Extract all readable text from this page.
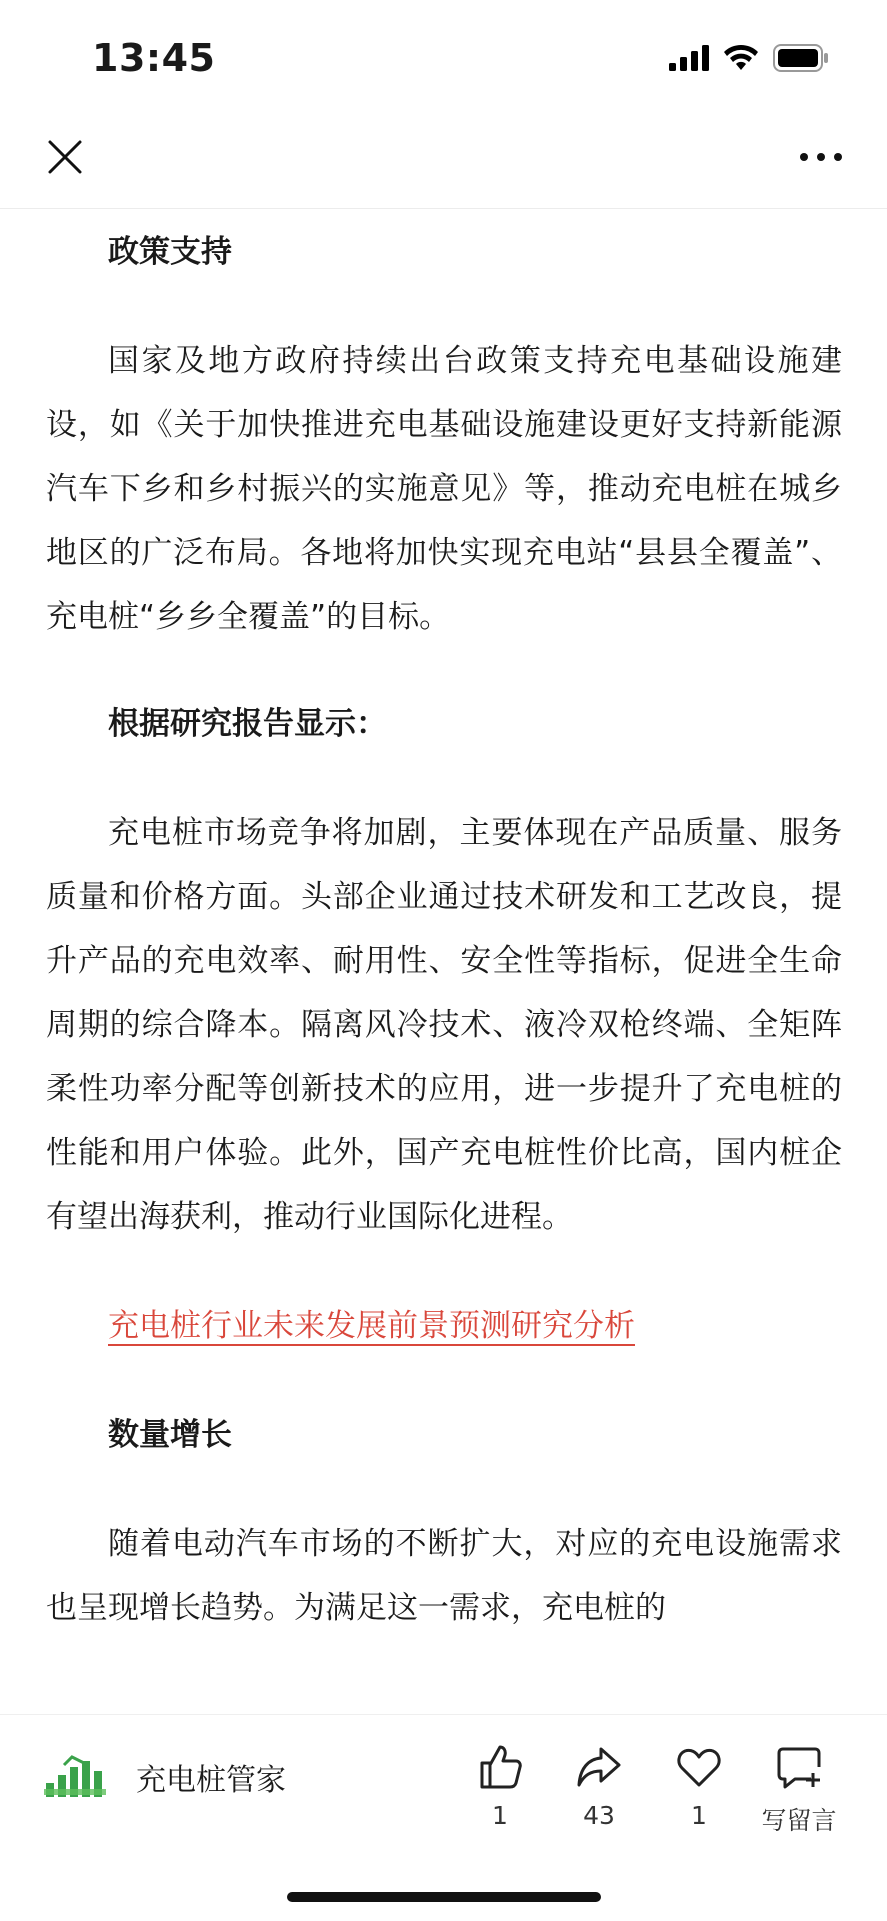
13:45

政策支持

国家及地方政府持续出台政策支持充电基础设施建设，如《关于加快推进充电基础设施建设更好支持新能源汽车下乡和乡村振兴的实施意见》等，推动充电桩在城乡地区的广泛布局。各地将加快实现充电站“县县全覆盖”、充电桩“乡乡全覆盖”的目标。

根据研究报告显示：

充电桩市场竞争将加剧，主要体现在产品质量、服务质量和价格方面。头部企业通过技术研发和工艺改良，提升产品的充电效率、耐用性、安全性等指标，促进全生命周期的综合降本。隔离风冷技术、液冷双枪终端、全矩阵柔性功率分配等创新技术的应用，进一步提升了充电桩的性能和用户体验。此外，国产充电桩性价比高，国内桩企有望出海获利，推动行业国际化进程。

充电桩行业未来发展前景预测研究分析

数量增长

随着电动汽车市场的不断扩大，对应的充电设施需求也呈现增长趋势。为满足这一需求，充电桩的

充电桩管家
1	43	1 写留言
